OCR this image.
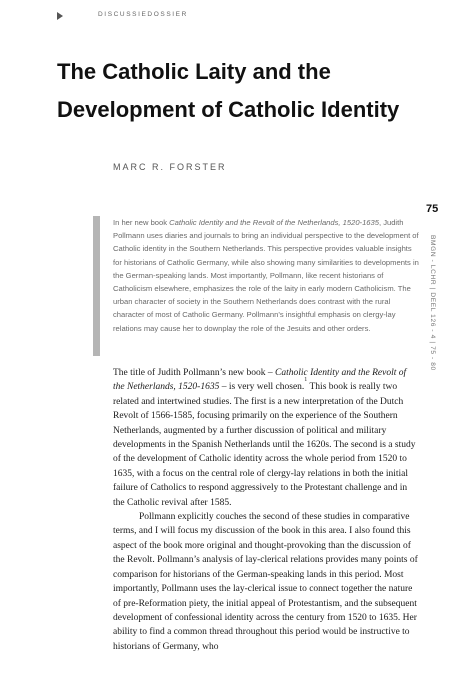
DISCUSSIEDOSSIER
The Catholic Laity and the
Development of Catholic Identity
MARC R. FORSTER
75
BMGN - LCHR | DEEL 126 - 4 | 75 - 80

In her new book Catholic Identity and the Revolt of the Netherlands, 1520-1635, Judith Pollmann uses diaries and journals to bring an individual perspective to the development of Catholic identity in the Southern Netherlands. This perspective provides valuable insights for historians of Catholic Germany, while also showing many similarities to developments in the German-speaking lands. Most importantly, Pollmann, like recent historians of Catholicism elsewhere, emphasizes the role of the laity in early modern Catholicism. The urban character of society in the Southern Netherlands does contrast with the rural character of most of Catholic Germany. Pollmann’s insightful emphasis on clergy-lay relations may cause her to downplay the role of the Jesuits and other orders.

The title of Judith Pollmann’s new book – Catholic Identity and the Revolt of the Netherlands, 1520-1635 – is very well chosen.$^1$ This book is really two related and intertwined studies. The first is a new interpretation of the Dutch Revolt of 1566-1585, focusing primarily on the experience of the Southern Netherlands, augmented by a further discussion of political and military developments in the Spanish Netherlands until the 1620s. The second is a study of the development of Catholic identity across the whole period from 1520 to 1635, with a focus on the central role of clergy-lay relations in both the initial failure of Catholics to respond aggressively to the Protestant challenge and in the Catholic revival after 1585.

Pollmann explicitly couches the second of these studies in comparative terms, and I will focus my discussion of the book in this area. I also found this aspect of the book more original and thought-provoking than the discussion of the Revolt. Pollmann’s analysis of lay-clerical relations provides many points of comparison for historians of the German-speaking lands in this period. Most importantly, Pollmann uses the lay-clerical issue to connect together the nature of pre-Reformation piety, the initial appeal of Protestantism, and the subsequent development of confessional identity across the century from 1520 to 1635. Her ability to find a common thread throughout this period would be instructive to historians of Germany, who
